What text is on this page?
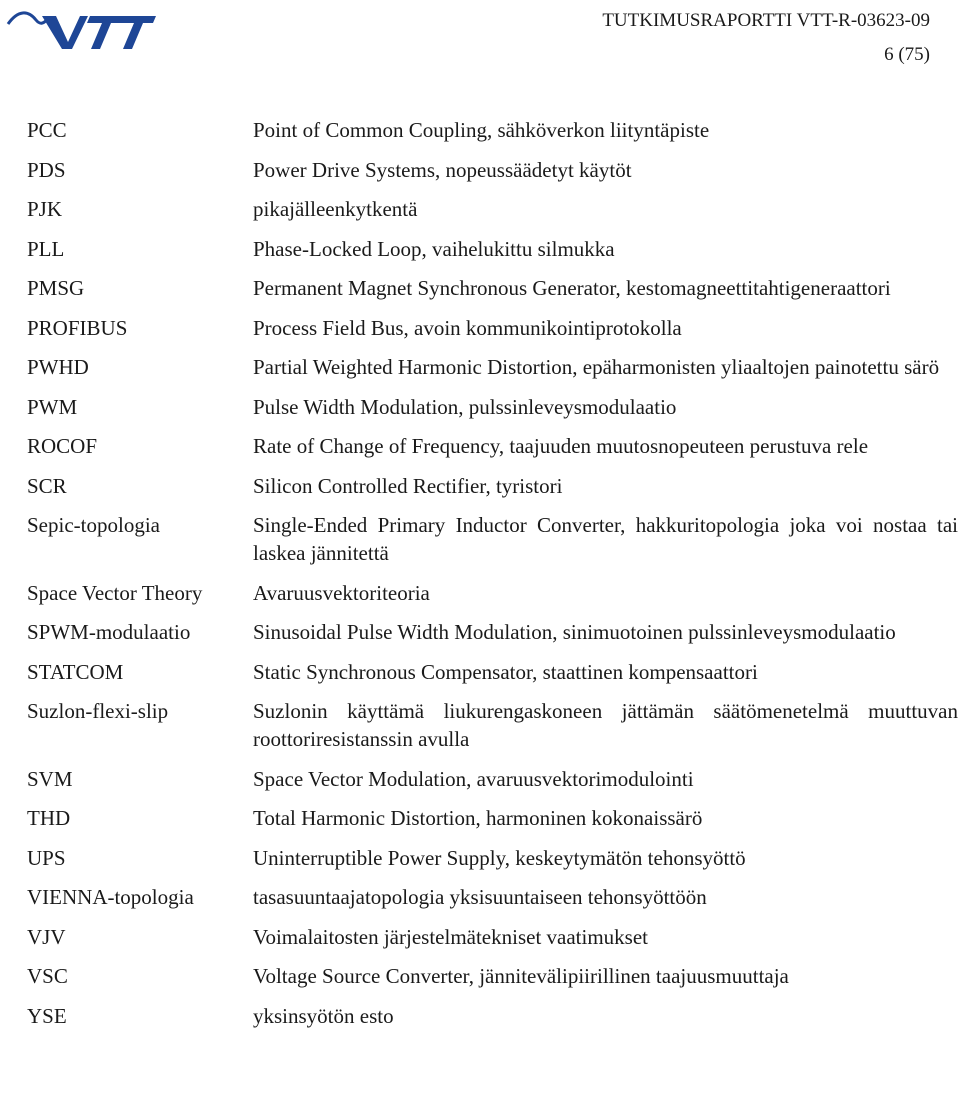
TUTKIMUSRAPORTTI VTT-R-03623-09
6 (75)
PCC	Point of Common Coupling, sähköverkon liityntäpiste
PDS	Power Drive Systems, nopeussäädetyt käytöt
PJK	pikajälleenkytkentä
PLL	Phase-Locked Loop, vaihelukittu silmukka
PMSG	Permanent Magnet Synchronous Generator, kestomagneettitahtigeneraattori
PROFIBUS	Process Field Bus, avoin kommunikointiprotokolla
PWHD	Partial Weighted Harmonic Distortion, epäharmonisten yliaaltojen painotettu särö
PWM	Pulse Width Modulation, pulssinleveysmodulaatio
ROCOF	Rate of Change of Frequency, taajuuden muutosnopeuteen perustuva rele
SCR	Silicon Controlled Rectifier, tyristori
Sepic-topologia	Single-Ended Primary Inductor Converter, hakkuritopologia joka voi nostaa tai laskea jännitettä
Space Vector Theory	Avaruusvektoriteoria
SPWM-modulaatio	Sinusoidal Pulse Width Modulation, sinimuotoinen pulssinleveysmodulaatio
STATCOM	Static Synchronous Compensator, staattinen kompensaattori
Suzlon-flexi-slip	Suzlonin käyttämä liukurengaskoneen jättämän säätömenetelmä muuttuvan roottoriresistanssin avulla
SVM	Space Vector Modulation, avaruusvektorimodulointi
THD	Total Harmonic Distortion, harmoninen kokonaissärö
UPS	Uninterruptible Power Supply, keskeytymätön tehonsyöttö
VIENNA-topologia	tasasuuntaajatopologia yksisuuntaiseen tehonsyöttöön
VJV	Voimalaitosten järjestelmätekniset vaatimukset
VSC	Voltage Source Converter, jännitevälipiirillinen taajuusmuuttaja
YSE	yksinsyötön esto
